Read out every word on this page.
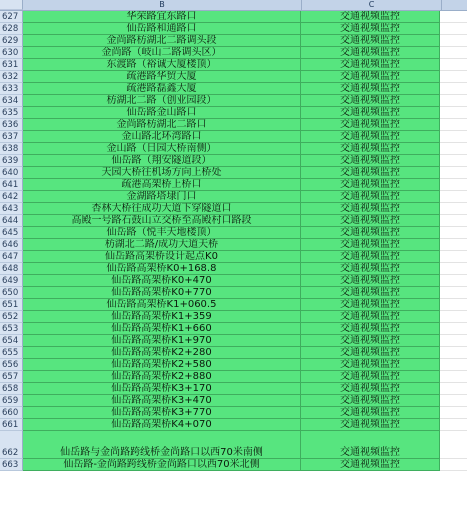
B	C
627	华荣路宜东路口	交通视频监控
628	仙岳路和通路口	交通视频监控
629	金尚路枋湖北二路调头段	交通视频监控
630	金尚路（岐山二路调头区）	交通视频监控
631	东渡路（裕诚大厦楼顶）	交通视频监控
632	疏港路华贸大厦	交通视频监控
633	疏港路磊鑫大厦	交通视频监控
634	枋湖北二路（创业园段）	交通视频监控
635	仙岳路金山路口	交通视频监控
636	金尚路枋湖北二路口	交通视频监控
637	金山路北环湾路口	交通视频监控
638	金山路（日园大桥南侧）	交通视频监控
639	仙岳路（翔安隧道段）	交通视频监控
640	天园大桥往机场方向上桥处	交通视频监控
641	疏港高架桥上桥口	交通视频监控
642	金湖路塔埭门口	交通视频监控
643	杏林大桥往成功大道下穿隧道口	交通视频监控
644	高殿一号路石鼓山立交桥至高殿村口路段	交通视频监控
645	仙岳路（悦丰天地楼顶）	交通视频监控
646	枋湖北二路/成功大道天桥	交通视频监控
647	仙岳路高架桥设计起点K0	交通视频监控
648	仙岳路高架桥K0+168.8	交通视频监控
649	仙岳路高架桥K0+470	交通视频监控
650	仙岳路高架桥K0+770	交通视频监控
651	仙岳路高架桥K1+060.5	交通视频监控
652	仙岳路高架桥K1+359	交通视频监控
653	仙岳路高架桥K1+660	交通视频监控
654	仙岳路高架桥K1+970	交通视频监控
655	仙岳路高架桥K2+280	交通视频监控
656	仙岳路高架桥K2+580	交通视频监控
657	仙岳路高架桥K2+880	交通视频监控
658	仙岳路高架桥K3+170	交通视频监控
659	仙岳路高架桥K3+470	交通视频监控
660	仙岳路高架桥K3+770	交通视频监控
661	仙岳路高架桥K4+070	交通视频监控
662	仙岳路与金尚路跨线桥金尚路口以西70米南侧	交通视频监控
663	仙岳路-金尚路跨线桥金尚路口以西70米北侧	交通视频监控
